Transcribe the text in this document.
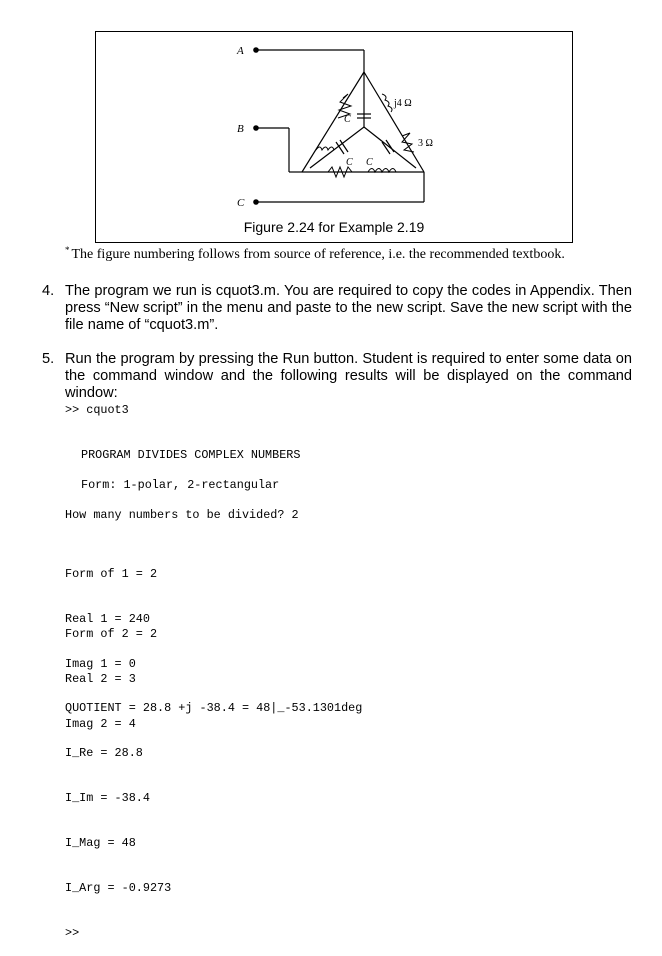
A
B
C
j4 Ω
3 Ω
C
C C
Figure 2.24 for Example 2.19
* The figure numbering follows from source of reference, i.e. the recommended textbook.
4. The program we run is cquot3.m. You are required to copy the codes in Appendix. Then press “New script” in the menu and paste to the new script. Save the new script with the file name of “cquot3.m”.
5. Run the program by pressing the Run button. Student is required to enter some data on the command window and the following results will be displayed on the command window:
>> cquot3
PROGRAM DIVIDES COMPLEX NUMBERS
Form: 1-polar, 2-rectangular
How many numbers to be divided? 2

Form of 1 = 2

Real 1 = 240

Imag 1 = 0

Form of 2 = 2

Real 2 = 3

Imag 2 = 4

QUOTIENT = 28.8 +j -38.4 = 48|_-53.1301deg

I_Re = 28.8

I_Im = -38.4

I_Mag = 48

I_Arg = -0.9273

>>
